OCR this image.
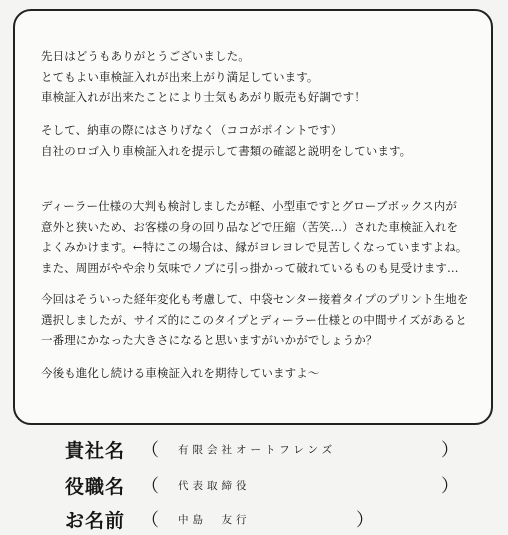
先日はどうもありがとうございました。
とてもよい車検証入れが出来上がり満足しています。
車検証入れが出来たことにより士気もあがり販売も好調です！
そして、納車の際にはさりげなく（ココがポイントです）
自社のロゴ入り車検証入れを提示して書類の確認と説明をしています。
ディーラー仕様の大判も検討しましたが軽、小型車ですとグローブボックス内が
意外と狭いため、お客様の身の回り品などで圧縮（苦笑…）された車検証入れを
よくみかけます。←特にこの場合は、縁がヨレヨレで見苦しくなっていますよね。
また、周囲がやや余り気味でノブに引っ掛かって破れているものも見受けます…
今回はそういった経年変化も考慮して、中袋センター接着タイプのプリント生地を
選択しましたが、サイズ的にこのタイプとディーラー仕様との中間サイズがあると
一番理にかなった大きさになると思いますがいかがでしょうか？
今後も進化し続ける車検証入れを期待していますよ～
貴社名 （ 有限会社オートフレンズ	）
役職名 （ 代表取締役	）
お名前 （ 中島　友行	）
